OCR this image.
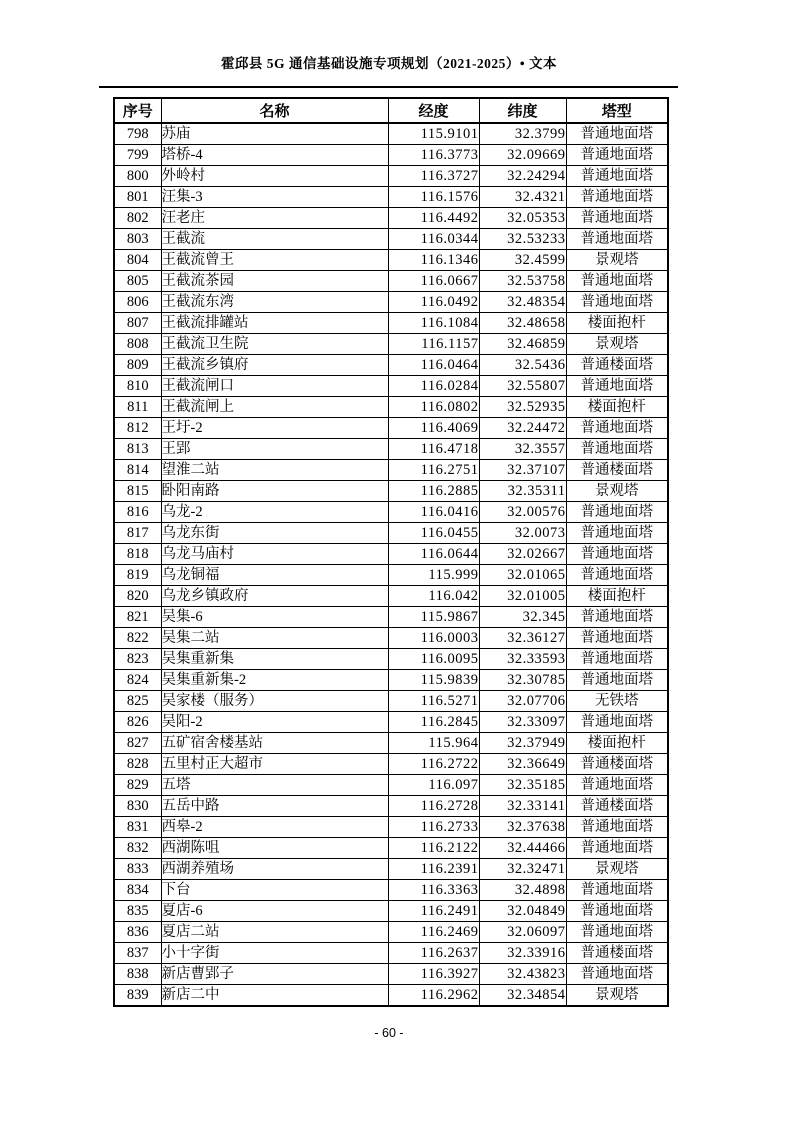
霍邱县 5G 通信基础设施专项规划（2021-2025）• 文本
序号	名称	经度	纬度	塔型
798	苏庙	115.9101	32.3799	普通地面塔
799	塔桥-4	116.3773	32.09669	普通地面塔
800	外岭村	116.3727	32.24294	普通地面塔
801	汪集-3	116.1576	32.4321	普通地面塔
802	汪老庄	116.4492	32.05353	普通地面塔
803	王截流	116.0344	32.53233	普通地面塔
804	王截流曾王	116.1346	32.4599	景观塔
805	王截流茶园	116.0667	32.53758	普通地面塔
806	王截流东湾	116.0492	32.48354	普通地面塔
807	王截流排罐站	116.1084	32.48658	楼面抱杆
808	王截流卫生院	116.1157	32.46859	景观塔
809	王截流乡镇府	116.0464	32.5436	普通楼面塔
810	王截流闸口	116.0284	32.55807	普通地面塔
811	王截流闸上	116.0802	32.52935	楼面抱杆
812	王圩-2	116.4069	32.24472	普通地面塔
813	王郢	116.4718	32.3557	普通地面塔
814	望淮二站	116.2751	32.37107	普通楼面塔
815	卧阳南路	116.2885	32.35311	景观塔
816	乌龙-2	116.0416	32.00576	普通地面塔
817	乌龙东街	116.0455	32.0073	普通地面塔
818	乌龙马庙村	116.0644	32.02667	普通地面塔
819	乌龙铜福	115.999	32.01065	普通地面塔
820	乌龙乡镇政府	116.042	32.01005	楼面抱杆
821	吴集-6	115.9867	32.345	普通地面塔
822	吴集二站	116.0003	32.36127	普通地面塔
823	吴集重新集	116.0095	32.33593	普通地面塔
824	吴集重新集-2	115.9839	32.30785	普通地面塔
825	吴家楼（服务）	116.5271	32.07706	无铁塔
826	吴阳-2	116.2845	32.33097	普通地面塔
827	五矿宿舍楼基站	115.964	32.37949	楼面抱杆
828	五里村正大超市	116.2722	32.36649	普通楼面塔
829	五塔	116.097	32.35185	普通地面塔
830	五岳中路	116.2728	32.33141	普通楼面塔
831	西皋-2	116.2733	32.37638	普通地面塔
832	西湖陈咀	116.2122	32.44466	普通地面塔
833	西湖养殖场	116.2391	32.32471	景观塔
834	下台	116.3363	32.4898	普通地面塔
835	夏店-6	116.2491	32.04849	普通地面塔
836	夏店二站	116.2469	32.06097	普通地面塔
837	小十字街	116.2637	32.33916	普通楼面塔
838	新店曹郢子	116.3927	32.43823	普通地面塔
839	新店二中	116.2962	32.34854	景观塔
- 60 -
